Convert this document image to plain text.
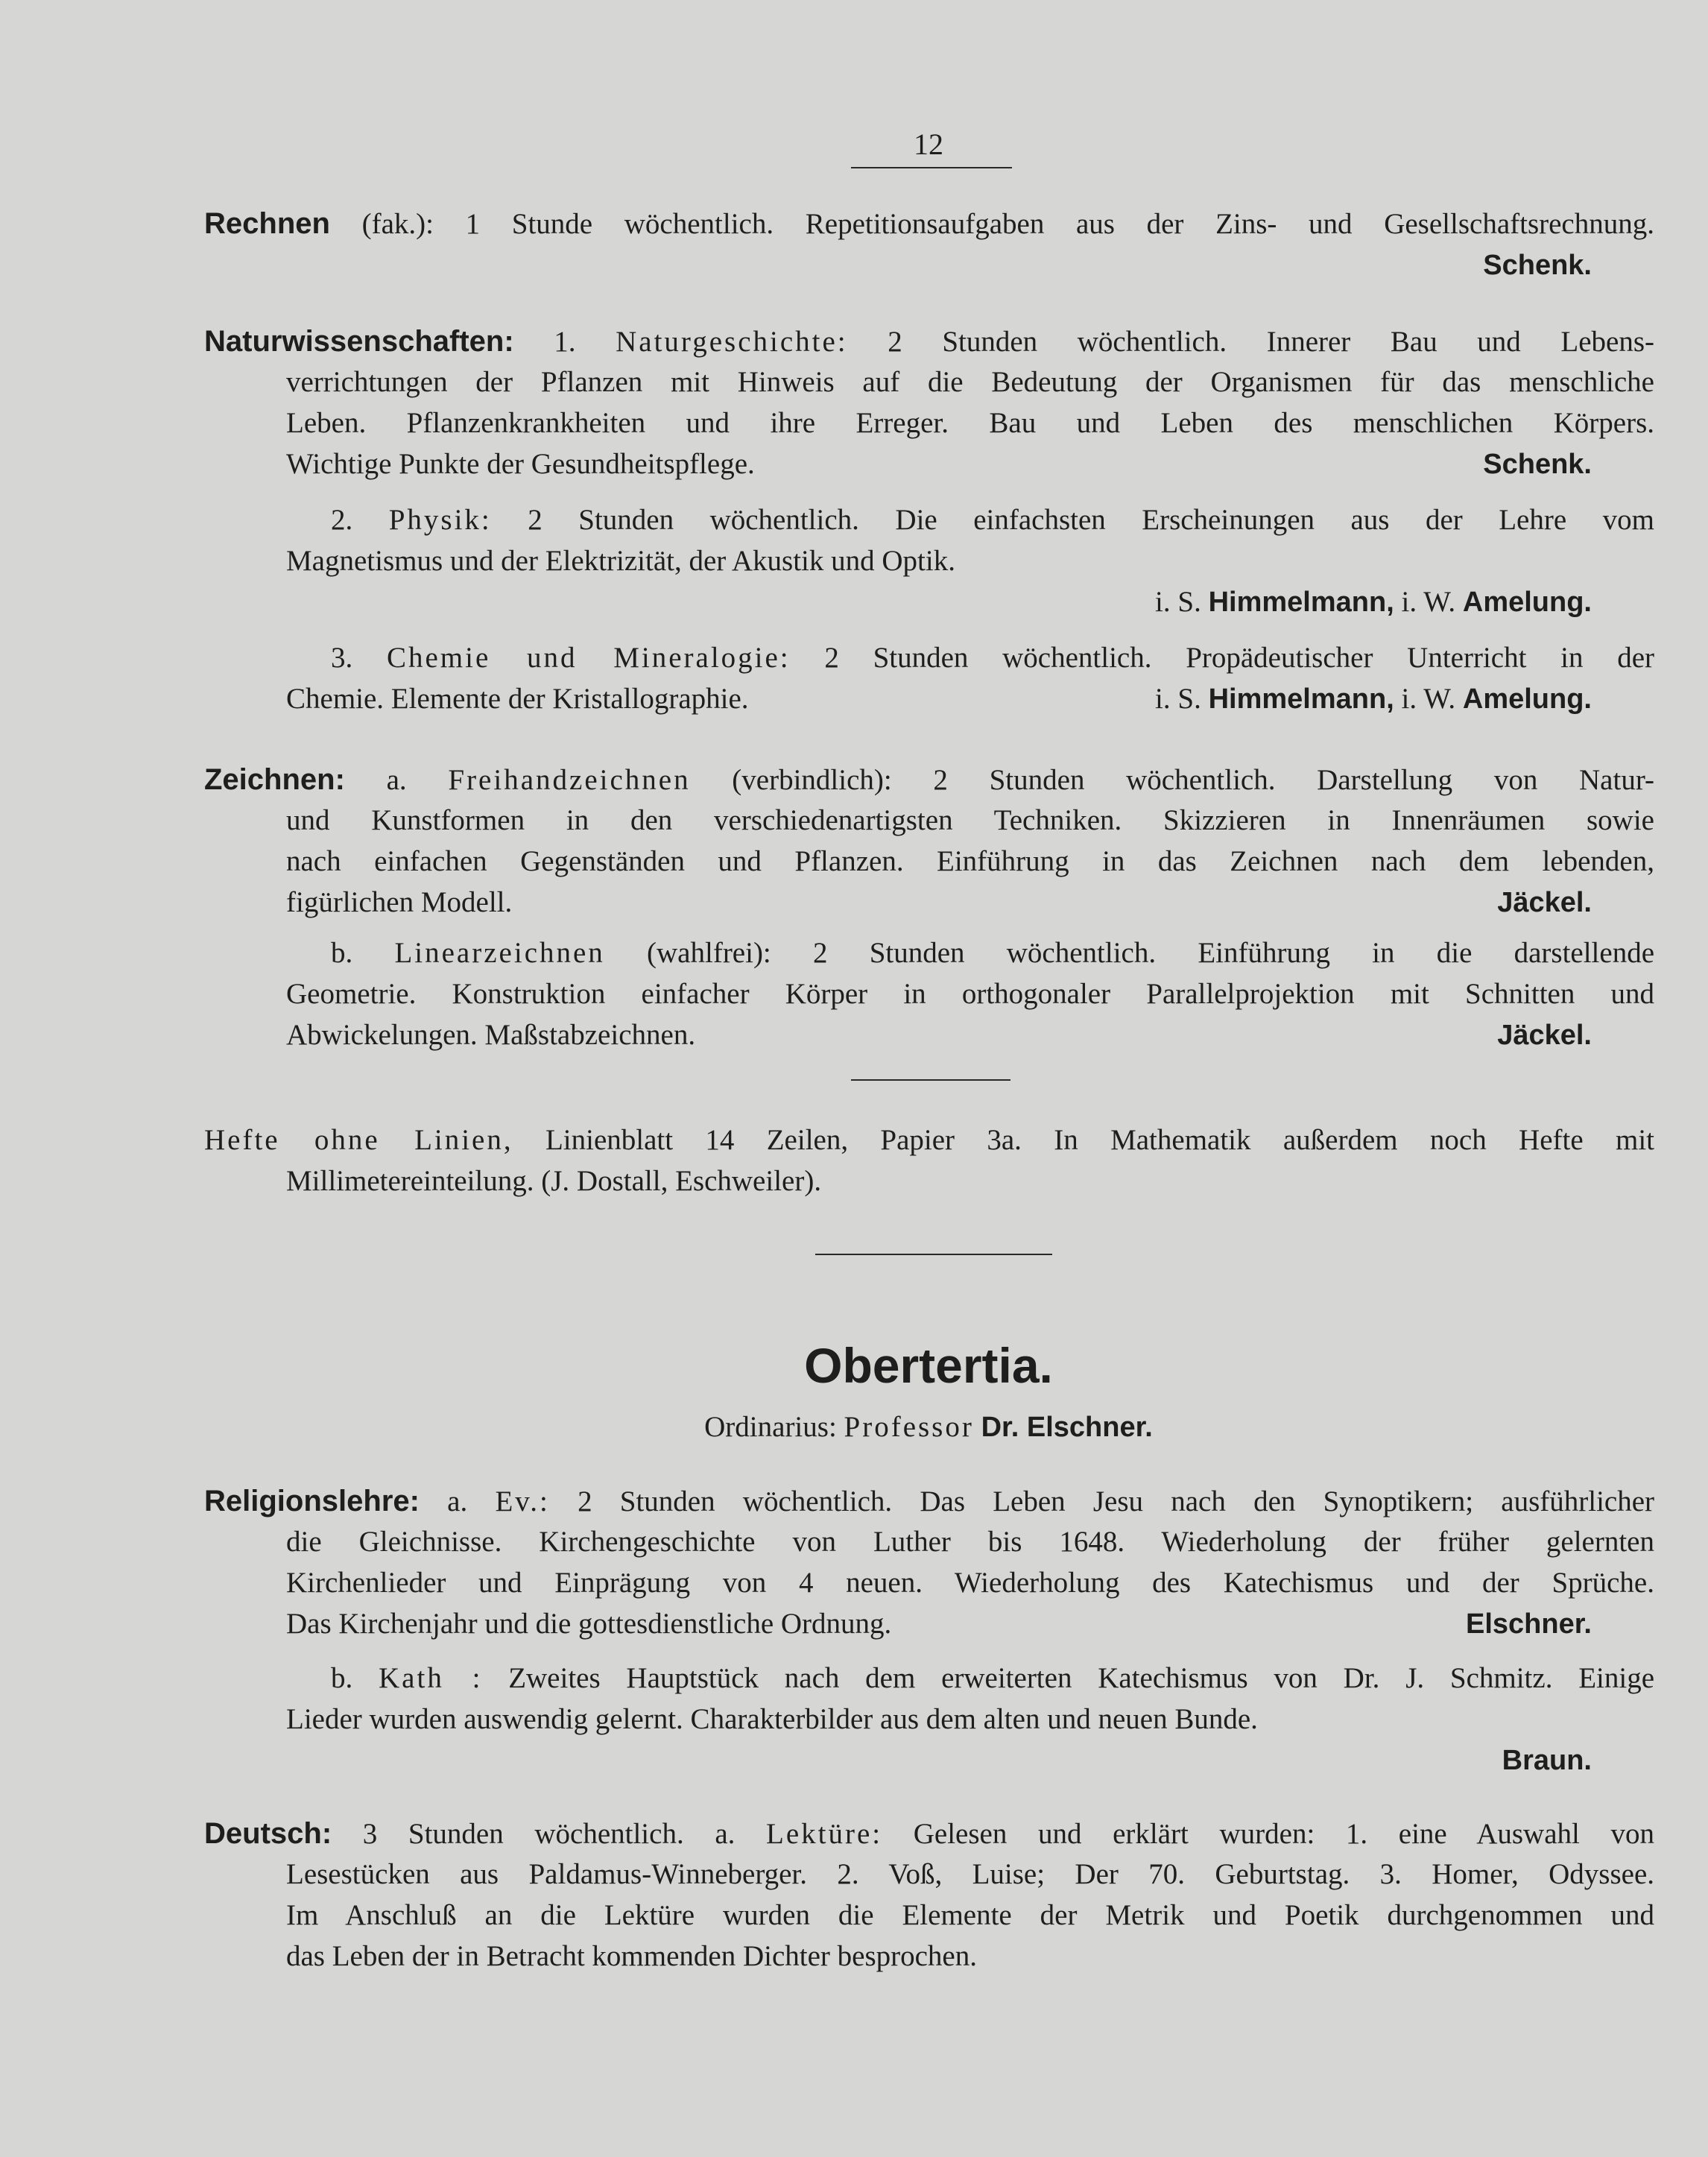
12
Rechnen (fak.): 1 Stunde wöchentlich. Repetitionsaufgaben aus der Zins- und Gesellschaftsrechnung.
Schenk.
Naturwissenschaften: 1. Naturgeschichte: 2 Stunden wöchentlich. Innerer Bau und Lebens-
verrichtungen der Pflanzen mit Hinweis auf die Bedeutung der Organismen für das menschliche
Leben. Pflanzenkrankheiten und ihre Erreger. Bau und Leben des menschlichen Körpers.
Wichtige Punkte der Gesundheitspflege.	Schenk.
2. Physik: 2 Stunden wöchentlich. Die einfachsten Erscheinungen aus der Lehre vom
Magnetismus und der Elektrizität, der Akustik und Optik.
i. S. Himmelmann, i. W. Amelung.
3. Chemie und Mineralogie: 2 Stunden wöchentlich. Propädeutischer Unterricht in der
Chemie. Elemente der Kristallographie.	i. S. Himmelmann, i. W. Amelung.
Zeichnen: a. Freihandzeichnen (verbindlich): 2 Stunden wöchentlich. Darstellung von Natur-
und Kunstformen in den verschiedenartigsten Techniken. Skizzieren in Innenräumen sowie
nach einfachen Gegenständen und Pflanzen. Einführung in das Zeichnen nach dem lebenden,
figürlichen Modell.	Jäckel.
b. Linearzeichnen (wahlfrei): 2 Stunden wöchentlich. Einführung in die darstellende
Geometrie. Konstruktion einfacher Körper in orthogonaler Parallelprojektion mit Schnitten und
Abwickelungen. Maßstabzeichnen.	Jäckel.
Hefte ohne Linien, Linienblatt 14 Zeilen, Papier 3a. In Mathematik außerdem noch Hefte mit
Millimetereinteilung. (J. Dostall, Eschweiler).
Obertertia.
Ordinarius: Professor Dr. Elschner.
Religionslehre: a. Ev.: 2 Stunden wöchentlich. Das Leben Jesu nach den Synoptikern; ausführlicher
die Gleichnisse. Kirchengeschichte von Luther bis 1648. Wiederholung der früher gelernten
Kirchenlieder und Einprägung von 4 neuen. Wiederholung des Katechismus und der Sprüche.
Das Kirchenjahr und die gottesdienstliche Ordnung.	Elschner.
b. Kath : Zweites Hauptstück nach dem erweiterten Katechismus von Dr. J. Schmitz. Einige
Lieder wurden auswendig gelernt. Charakterbilder aus dem alten und neuen Bunde.
Braun.
Deutsch: 3 Stunden wöchentlich. a. Lektüre: Gelesen und erklärt wurden: 1. eine Auswahl von
Lesestücken aus Paldamus-Winneberger. 2. Voß, Luise; Der 70. Geburtstag. 3. Homer, Odyssee.
Im Anschluß an die Lektüre wurden die Elemente der Metrik und Poetik durchgenommen und
das Leben der in Betracht kommenden Dichter besprochen.
